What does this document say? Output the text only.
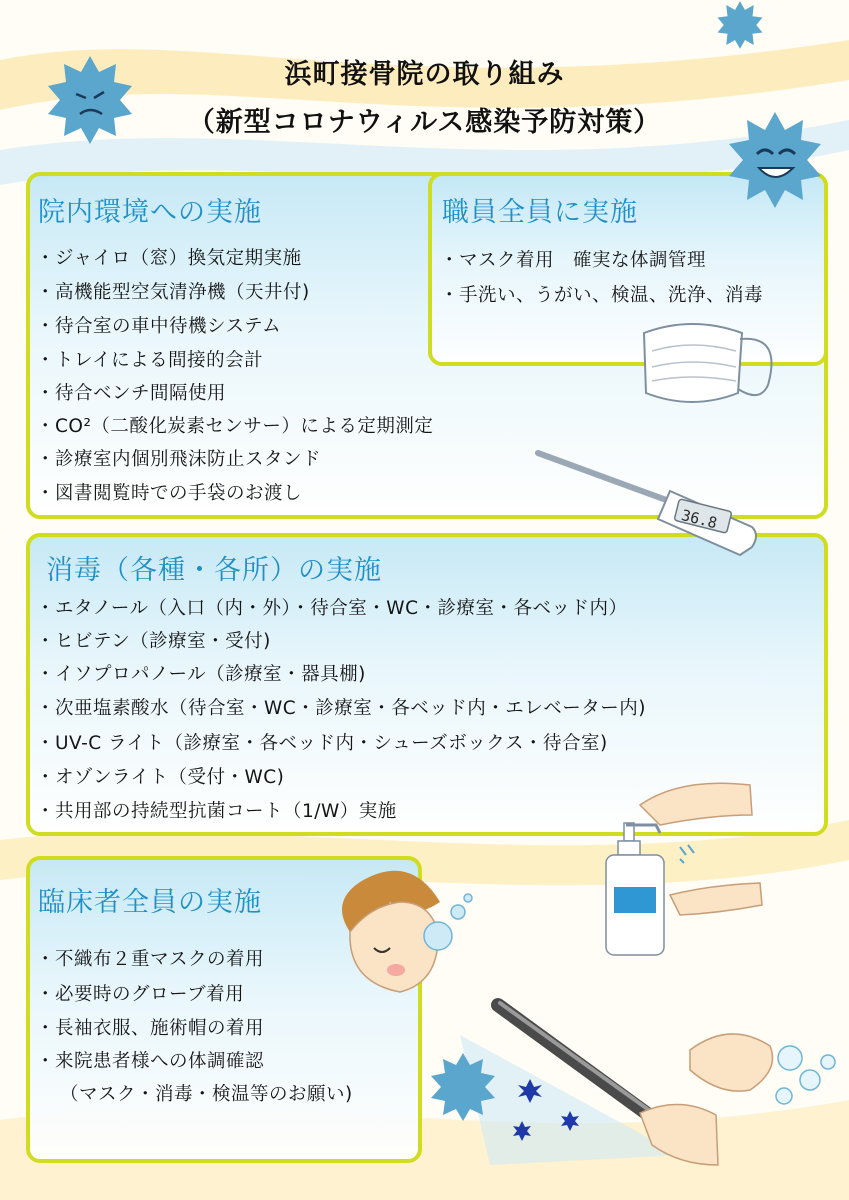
浜町接骨院の取り組み
（新型コロナウィルス感染予防対策）
院内環境への実施
・ジャイロ（窓）換気定期実施
・高機能型空気清浄機（天井付)
・待合室の車中待機システム
・トレイによる間接的会計
・待合ベンチ間隔使用
・CO²（二酸化炭素センサー）による定期測定
・診療室内個別飛沫防止スタンド
・図書閲覧時での手袋のお渡し
職員全員に実施
・マスク着用　確実な体調管理
・手洗い、うがい、検温、洗浄、消毒
36.8
消毒（各種・各所）の実施
・エタノール（入口（内・外）・待合室・WC・診療室・各ベッド内）
・ヒビテン（診療室・受付)
・イソプロパノール（診療室・器具棚)
・次亜塩素酸水（待合室・WC・診療室・各ベッド内・エレベーター内)
・UV-C ライト（診療室・各ベッド内・シューズボックス・待合室)
・オゾンライト（受付・WC)
・共用部の持続型抗菌コート（1/W）実施
臨床者全員の実施
・不織布２重マスクの着用
・必要時のグローブ着用
・長袖衣服、施術帽の着用
・来院患者様への体調確認
（マスク・消毒・検温等のお願い)
